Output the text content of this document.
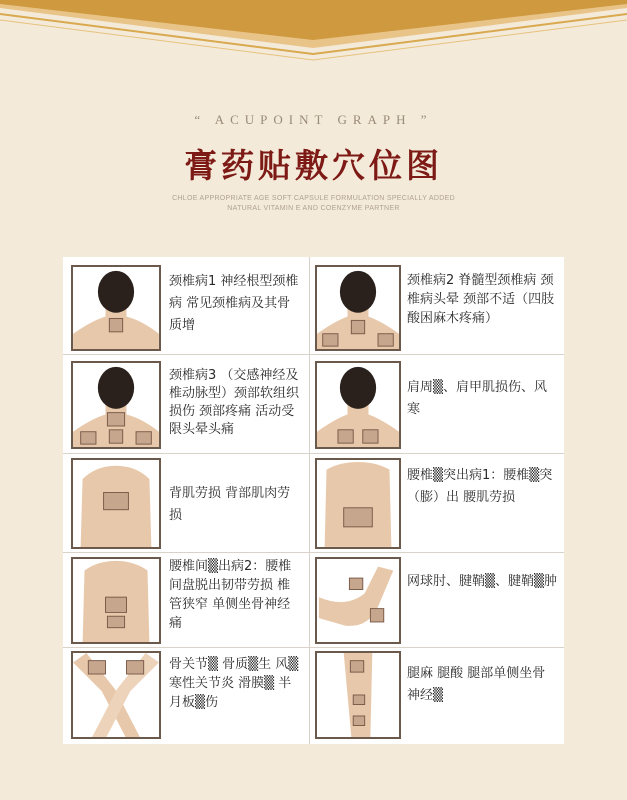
“ ACUPOINT GRAPH ”
膏药贴敷穴位图
CHLOE APPROPRIATE AGE SOFT CAPSULE FORMULATION SPECIALLY ADDED
NATURAL VITAMIN E AND COENZYME PARTNER
颈椎病1 神经根型颈椎病 常见颈椎病及其骨质增
颈椎病3 （交感神经及椎动脉型）颈部软组织损伤 颈部疼痛 活动受限头晕头痛
背肌劳损 背部肌肉劳损
腰椎间▒出病2：腰椎间盘脱出韧带劳损 椎管狭窄 单侧坐骨神经痛
骨关节▒ 骨质▒生 风▒寒性关节炎 滑膜▒ 半月板▒伤
颈椎病2 脊髓型颈椎病 颈椎病头晕 颈部不适（四肢酸困麻木疼痛）
肩周▒、肩甲肌损伤、风寒
腰椎▒突出病1：腰椎▒突（膨）出 腰肌劳损
网球肘、腱鞘▒、腱鞘▒肿
腿麻 腿酸 腿部单侧坐骨神经▒
